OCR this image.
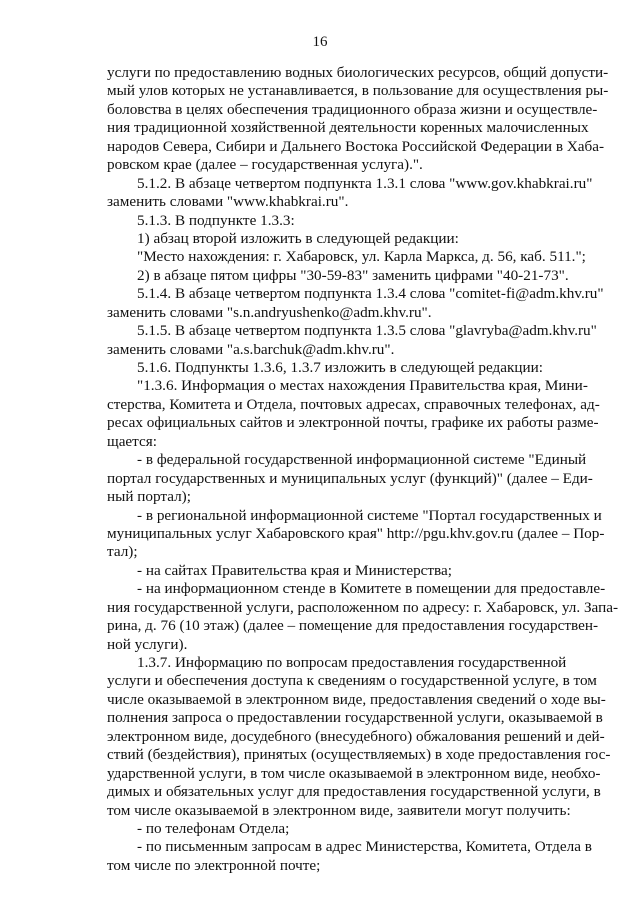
16
услуги по предоставлению водных биологических ресурсов, общий допусти-
мый улов которых не устанавливается, в пользование для осуществления ры-
боловства в целях обеспечения традиционного образа жизни и осуществле-
ния традиционной хозяйственной деятельности коренных малочисленных
народов Севера, Сибири и Дальнего Востока Российской Федерации в Хаба-
ровском крае (далее – государственная услуга).".
5.1.2. В абзаце четвертом подпункта 1.3.1 слова "www.gov.khabkrai.ru"
заменить словами "www.khabkrai.ru".
5.1.3. В подпункте 1.3.3:
1) абзац второй изложить в следующей редакции:
"Место нахождения: г. Хабаровск, ул. Карла Маркса, д. 56, каб. 511.";
2) в абзаце пятом цифры "30-59-83" заменить цифрами "40-21-73".
5.1.4. В абзаце четвертом подпункта 1.3.4 слова "comitet-fi@adm.khv.ru"
заменить словами "s.n.andryushenko@adm.khv.ru".
5.1.5. В абзаце четвертом подпункта 1.3.5 слова "glavryba@adm.khv.ru"
заменить словами "a.s.barchuk@adm.khv.ru".
5.1.6. Подпункты 1.3.6, 1.3.7 изложить в следующей редакции:
"1.3.6. Информация о местах нахождения Правительства края, Мини-
стерства, Комитета и Отдела, почтовых адресах, справочных телефонах, ад-
ресах официальных сайтов и электронной почты, графике их работы разме-
щается:
- в федеральной государственной информационной системе "Единый
портал государственных и муниципальных услуг (функций)" (далее – Еди-
ный портал);
- в региональной информационной системе "Портал государственных и
муниципальных услуг Хабаровского края" http://pgu.khv.gov.ru (далее – Пор-
тал);
- на сайтах Правительства края и Министерства;
- на информационном стенде в Комитете в помещении для предоставле-
ния государственной услуги, расположенном по адресу: г. Хабаровск, ул. Запа-
рина, д. 76 (10 этаж) (далее – помещение для предоставления государствен-
ной услуги).
1.3.7. Информацию по вопросам предоставления государственной
услуги и обеспечения доступа к сведениям о государственной услуге, в том
числе оказываемой в электронном виде, предоставления сведений о ходе вы-
полнения запроса о предоставлении государственной услуги, оказываемой в
электронном виде, досудебного (внесудебного) обжалования решений и дей-
ствий (бездействия), принятых (осуществляемых) в ходе предоставления гос-
ударственной услуги, в том числе оказываемой в электронном виде, необхо-
димых и обязательных услуг для предоставления государственной услуги, в
том числе оказываемой в электронном виде, заявители могут получить:
- по телефонам Отдела;
- по письменным запросам в адрес Министерства, Комитета, Отдела в
том числе по электронной почте;
